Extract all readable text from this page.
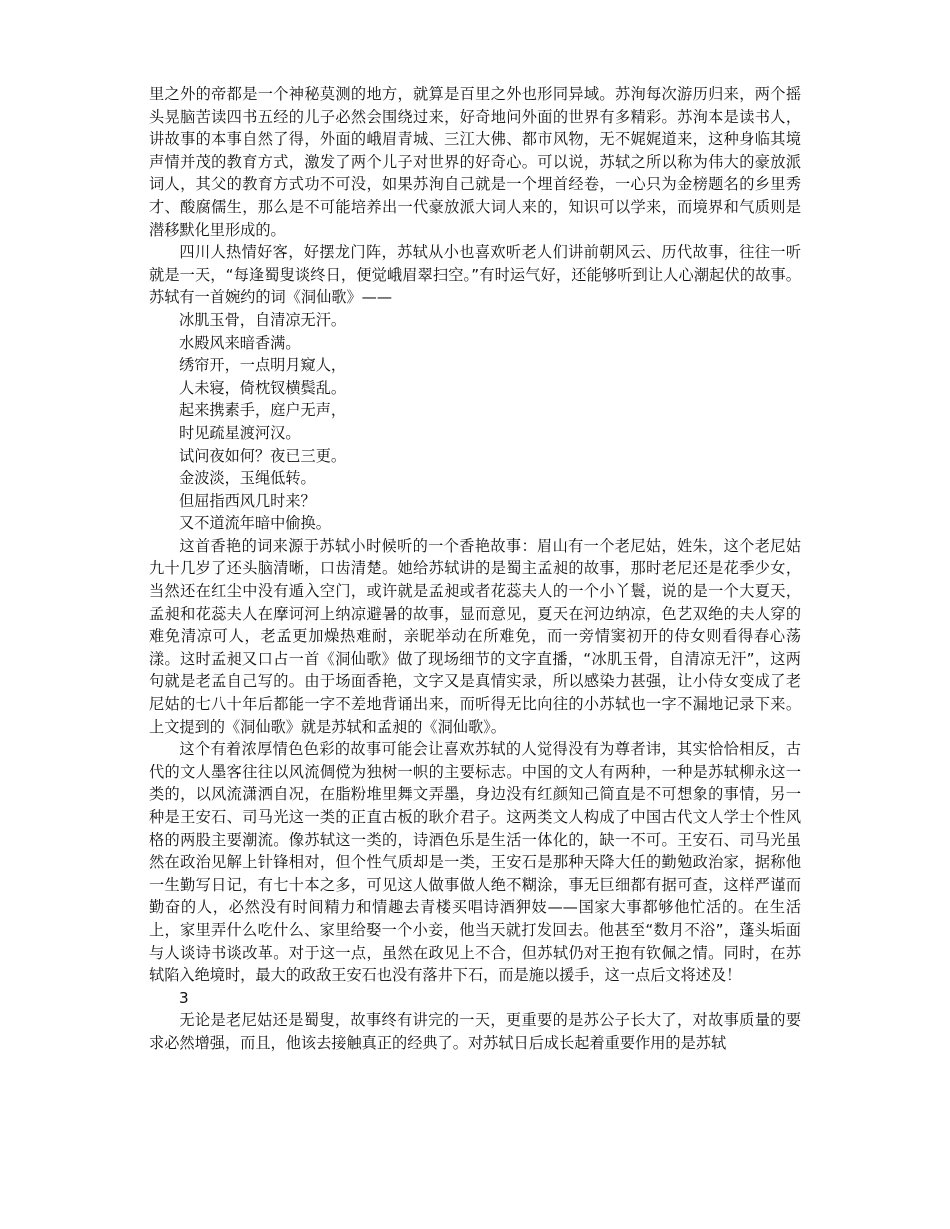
里之外的帝都是一个神秘莫测的地方，就算是百里之外也形同异域。苏洵每次游历归来，两个摇头晃脑苦读四书五经的儿子必然会围绕过来，好奇地问外面的世界有多精彩。苏洵本是读书人，讲故事的本事自然了得，外面的峨眉青城、三江大佛、都市风物，无不娓娓道来，这种身临其境声情并茂的教育方式，激发了两个儿子对世界的好奇心。可以说，苏轼之所以称为伟大的豪放派词人，其父的教育方式功不可没，如果苏洵自己就是一个埋首经卷，一心只为金榜题名的乡里秀才、酸腐儒生，那么是不可能培养出一代豪放派大词人来的，知识可以学来，而境界和气质则是潜移默化里形成的。

四川人热情好客，好摆龙门阵，苏轼从小也喜欢听老人们讲前朝风云、历代故事，往往一听就是一天，“每逢蜀叟谈终日，便觉峨眉翠扫空。”有时运气好，还能够听到让人心潮起伏的故事。苏轼有一首婉约的词《洞仙歌》——

冰肌玉骨，自清凉无汗。
水殿风来暗香满。
绣帘开，一点明月窥人，
人未寝，倚枕钗横鬓乱。
起来携素手，庭户无声，
时见疏星渡河汉。
试问夜如何？夜已三更。
金波淡，玉绳低转。
但屈指西风几时来？
又不道流年暗中偷换。

这首香艳的词来源于苏轼小时候听的一个香艳故事：眉山有一个老尼姑，姓朱，这个老尼姑九十几岁了还头脑清晰，口齿清楚。她给苏轼讲的是蜀主孟昶的故事，那时老尼还是花季少女，当然还在红尘中没有遁入空门，或许就是孟昶或者花蕊夫人的一个小丫鬟，说的是一个大夏天，孟昶和花蕊夫人在摩诃河上纳凉避暑的故事，显而意见，夏天在河边纳凉，色艺双绝的夫人穿的难免清凉可人，老孟更加燥热难耐，亲昵举动在所难免，而一旁情窦初开的侍女则看得春心荡漾。这时孟昶又口占一首《洞仙歌》做了现场细节的文字直播，“冰肌玉骨，自清凉无汗”，这两句就是老孟自己写的。由于场面香艳，文字又是真情实录，所以感染力甚强，让小侍女变成了老尼姑的七八十年后都能一字不差地背诵出来，而听得无比向往的小苏轼也一字不漏地记录下来。上文提到的《洞仙歌》就是苏轼和孟昶的《洞仙歌》。

这个有着浓厚情色色彩的故事可能会让喜欢苏轼的人觉得没有为尊者讳，其实恰恰相反，古代的文人墨客往往以风流倜傥为独树一帜的主要标志。中国的文人有两种，一种是苏轼柳永这一类的，以风流潇洒自况，在脂粉堆里舞文弄墨，身边没有红颜知己简直是不可想象的事情，另一种是王安石、司马光这一类的正直古板的耿介君子。这两类文人构成了中国古代文人学士个性风格的两股主要潮流。像苏轼这一类的，诗酒色乐是生活一体化的，缺一不可。王安石、司马光虽然在政治见解上针锋相对，但个性气质却是一类，王安石是那种天降大任的勤勉政治家，据称他一生勤写日记，有七十本之多，可见这人做事做人绝不糊涂，事无巨细都有据可查，这样严谨而勤奋的人，必然没有时间精力和情趣去青楼买唱诗酒狎妓——国家大事都够他忙活的。在生活上，家里弄什么吃什么、家里给娶一个小妾，他当天就打发回去。他甚至“数月不浴”，蓬头垢面与人谈诗书谈改革。对于这一点，虽然在政见上不合，但苏轼仍对王抱有钦佩之情。同时，在苏轼陷入绝境时，最大的政敌王安石也没有落井下石，而是施以援手，这一点后文将述及！

3

无论是老尼姑还是蜀叟，故事终有讲完的一天，更重要的是苏公子长大了，对故事质量的要求必然增强，而且，他该去接触真正的经典了。对苏轼日后成长起着重要作用的是苏轼
